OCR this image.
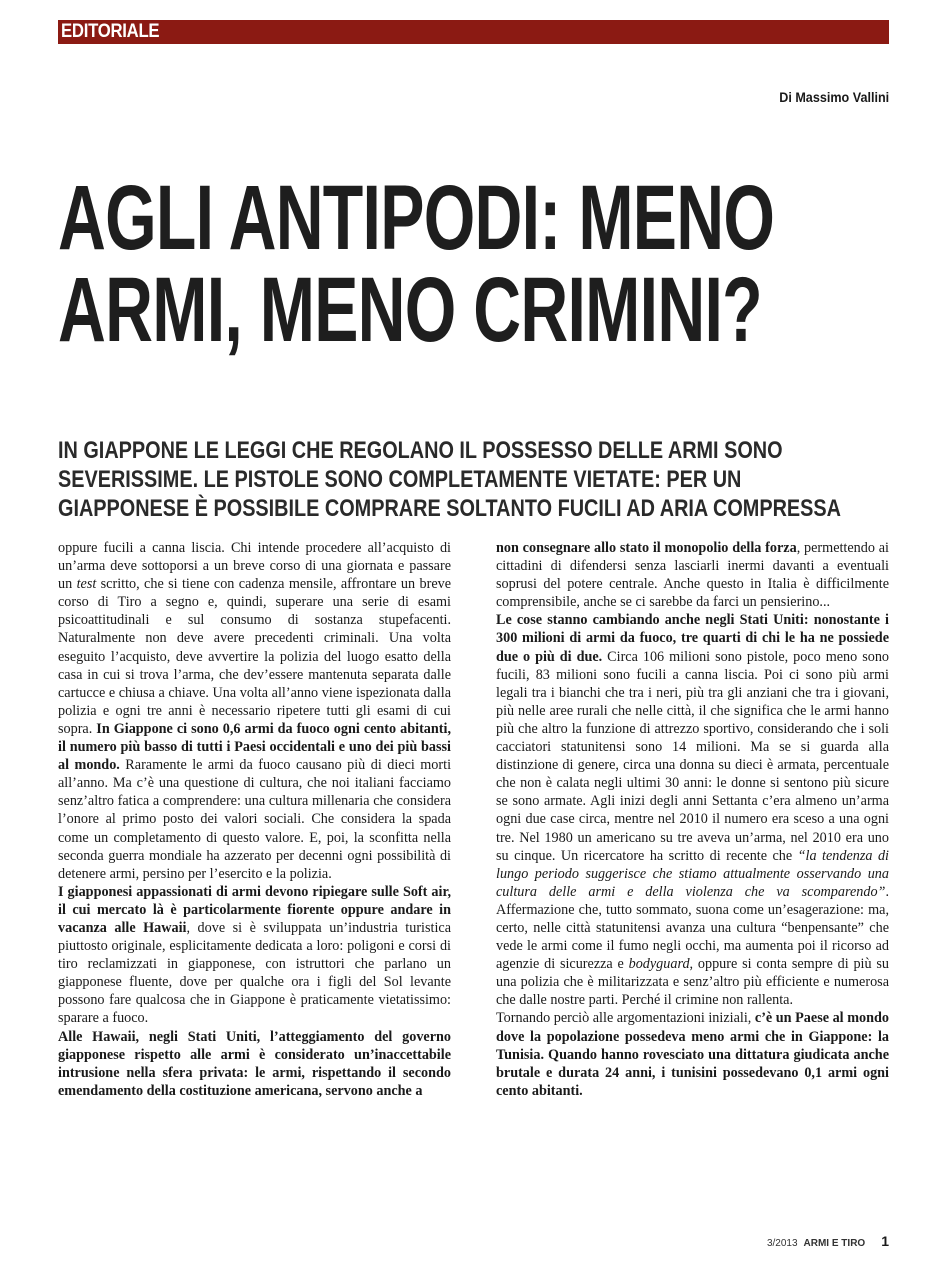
EDITORIALE
Di Massimo Vallini
AGLI ANTIPODI: MENO
ARMI, MENO CRIMINI?
IN GIAPPONE LE LEGGI CHE REGOLANO IL POSSESSO DELLE ARMI SONO
SEVERISSIME. LE PISTOLE SONO COMPLETAMENTE VIETATE: PER UN
GIAPPONESE È POSSIBILE COMPRARE SOLTANTO FUCILI AD ARIA COMPRESSA

oppure fucili a canna liscia. Chi intende procedere all’acquisto di un’arma deve sottoporsi a un breve corso di una giornata e passare un test scritto, che si tiene con cadenza mensile, affrontare un breve corso di Tiro a segno e, quindi, superare una serie di esami psicoattitudinali e sul consumo di sostanza stupefacenti. Naturalmente non deve avere precedenti criminali. Una volta eseguito l’acquisto, deve avvertire la polizia del luogo esatto della casa in cui si trova l’arma, che dev’essere mantenuta separata dalle cartucce e chiusa a chiave. Una volta all’anno viene ispezionata dalla polizia e ogni tre anni è necessario ripetere tutti gli esami di cui sopra. In Giappone ci sono 0,6 armi da fuoco ogni cento abitanti, il numero più basso di tutti i Paesi occidentali e uno dei più bassi al mondo. Raramente le armi da fuoco causano più di dieci morti all’anno. Ma c’è una questione di cultura, che noi italiani facciamo senz’altro fatica a comprendere: una cultura millenaria che considera l’onore al primo posto dei valori sociali. Che considera la spada come un completamento di questo valore. E, poi, la sconfitta nella seconda guerra mondiale ha azzerato per decenni ogni possibilità di detenere armi, persino per l’esercito e la polizia.

I giapponesi appassionati di armi devono ripiegare sulle Soft air, il cui mercato là è particolarmente fiorente oppure andare in vacanza alle Hawaii, dove si è sviluppata un’industria turistica piuttosto originale, esplicitamente dedicata a loro: poligoni e corsi di tiro reclamizzati in giapponese, con istruttori che parlano un giapponese fluente, dove per qualche ora i figli del Sol levante possono fare qualcosa che in Giappone è praticamente vietatissimo: sparare a fuoco.

Alle Hawaii, negli Stati Uniti, l’atteggiamento del governo giapponese rispetto alle armi è considerato un’inaccettabile intrusione nella sfera privata: le armi, rispettando il secondo emendamento della costituzione americana, servono anche a

non consegnare allo stato il monopolio della forza, permettendo ai cittadini di difendersi senza lasciarli inermi davanti a eventuali soprusi del potere centrale. Anche questo in Italia è difficilmente comprensibile, anche se ci sarebbe da farci un pensierino...

Le cose stanno cambiando anche negli Stati Uniti: nonostante i 300 milioni di armi da fuoco, tre quarti di chi le ha ne possiede due o più di due. Circa 106 milioni sono pistole, poco meno sono fucili, 83 milioni sono fucili a canna liscia. Poi ci sono più armi legali tra i bianchi che tra i neri, più tra gli anziani che tra i giovani, più nelle aree rurali che nelle città, il che significa che le armi hanno più che altro la funzione di attrezzo sportivo, considerando che i soli cacciatori statunitensi sono 14 milioni. Ma se si guarda alla distinzione di genere, circa una donna su dieci è armata, percentuale che non è calata negli ultimi 30 anni: le donne si sentono più sicure se sono armate. Agli inizi degli anni Settanta c’era almeno un’arma ogni due case circa, mentre nel 2010 il numero era sceso a una ogni tre. Nel 1980 un americano su tre aveva un’arma, nel 2010 era uno su cinque. Un ricercatore ha scritto di recente che “la tendenza di lungo periodo suggerisce che stiamo attualmente osservando una cultura delle armi e della violenza che va scomparendo”. Affermazione che, tutto sommato, suona come un’esagerazione: ma, certo, nelle città statunitensi avanza una cultura “benpensante” che vede le armi come il fumo negli occhi, ma aumenta poi il ricorso ad agenzie di sicurezza e bodyguard, oppure si conta sempre di più su una polizia che è militarizzata e senz’altro più efficiente e numerosa che dalle nostre parti. Perché il crimine non rallenta.

Tornando perciò alle argomentazioni iniziali, c’è un Paese al mondo dove la popolazione possedeva meno armi che in Giappone: la Tunisia. Quando hanno rovesciato una dittatura giudicata anche brutale e durata 24 anni, i tunisini possedevano 0,1 armi ogni cento abitanti.

3/2013 ARMI E TIRO 1
